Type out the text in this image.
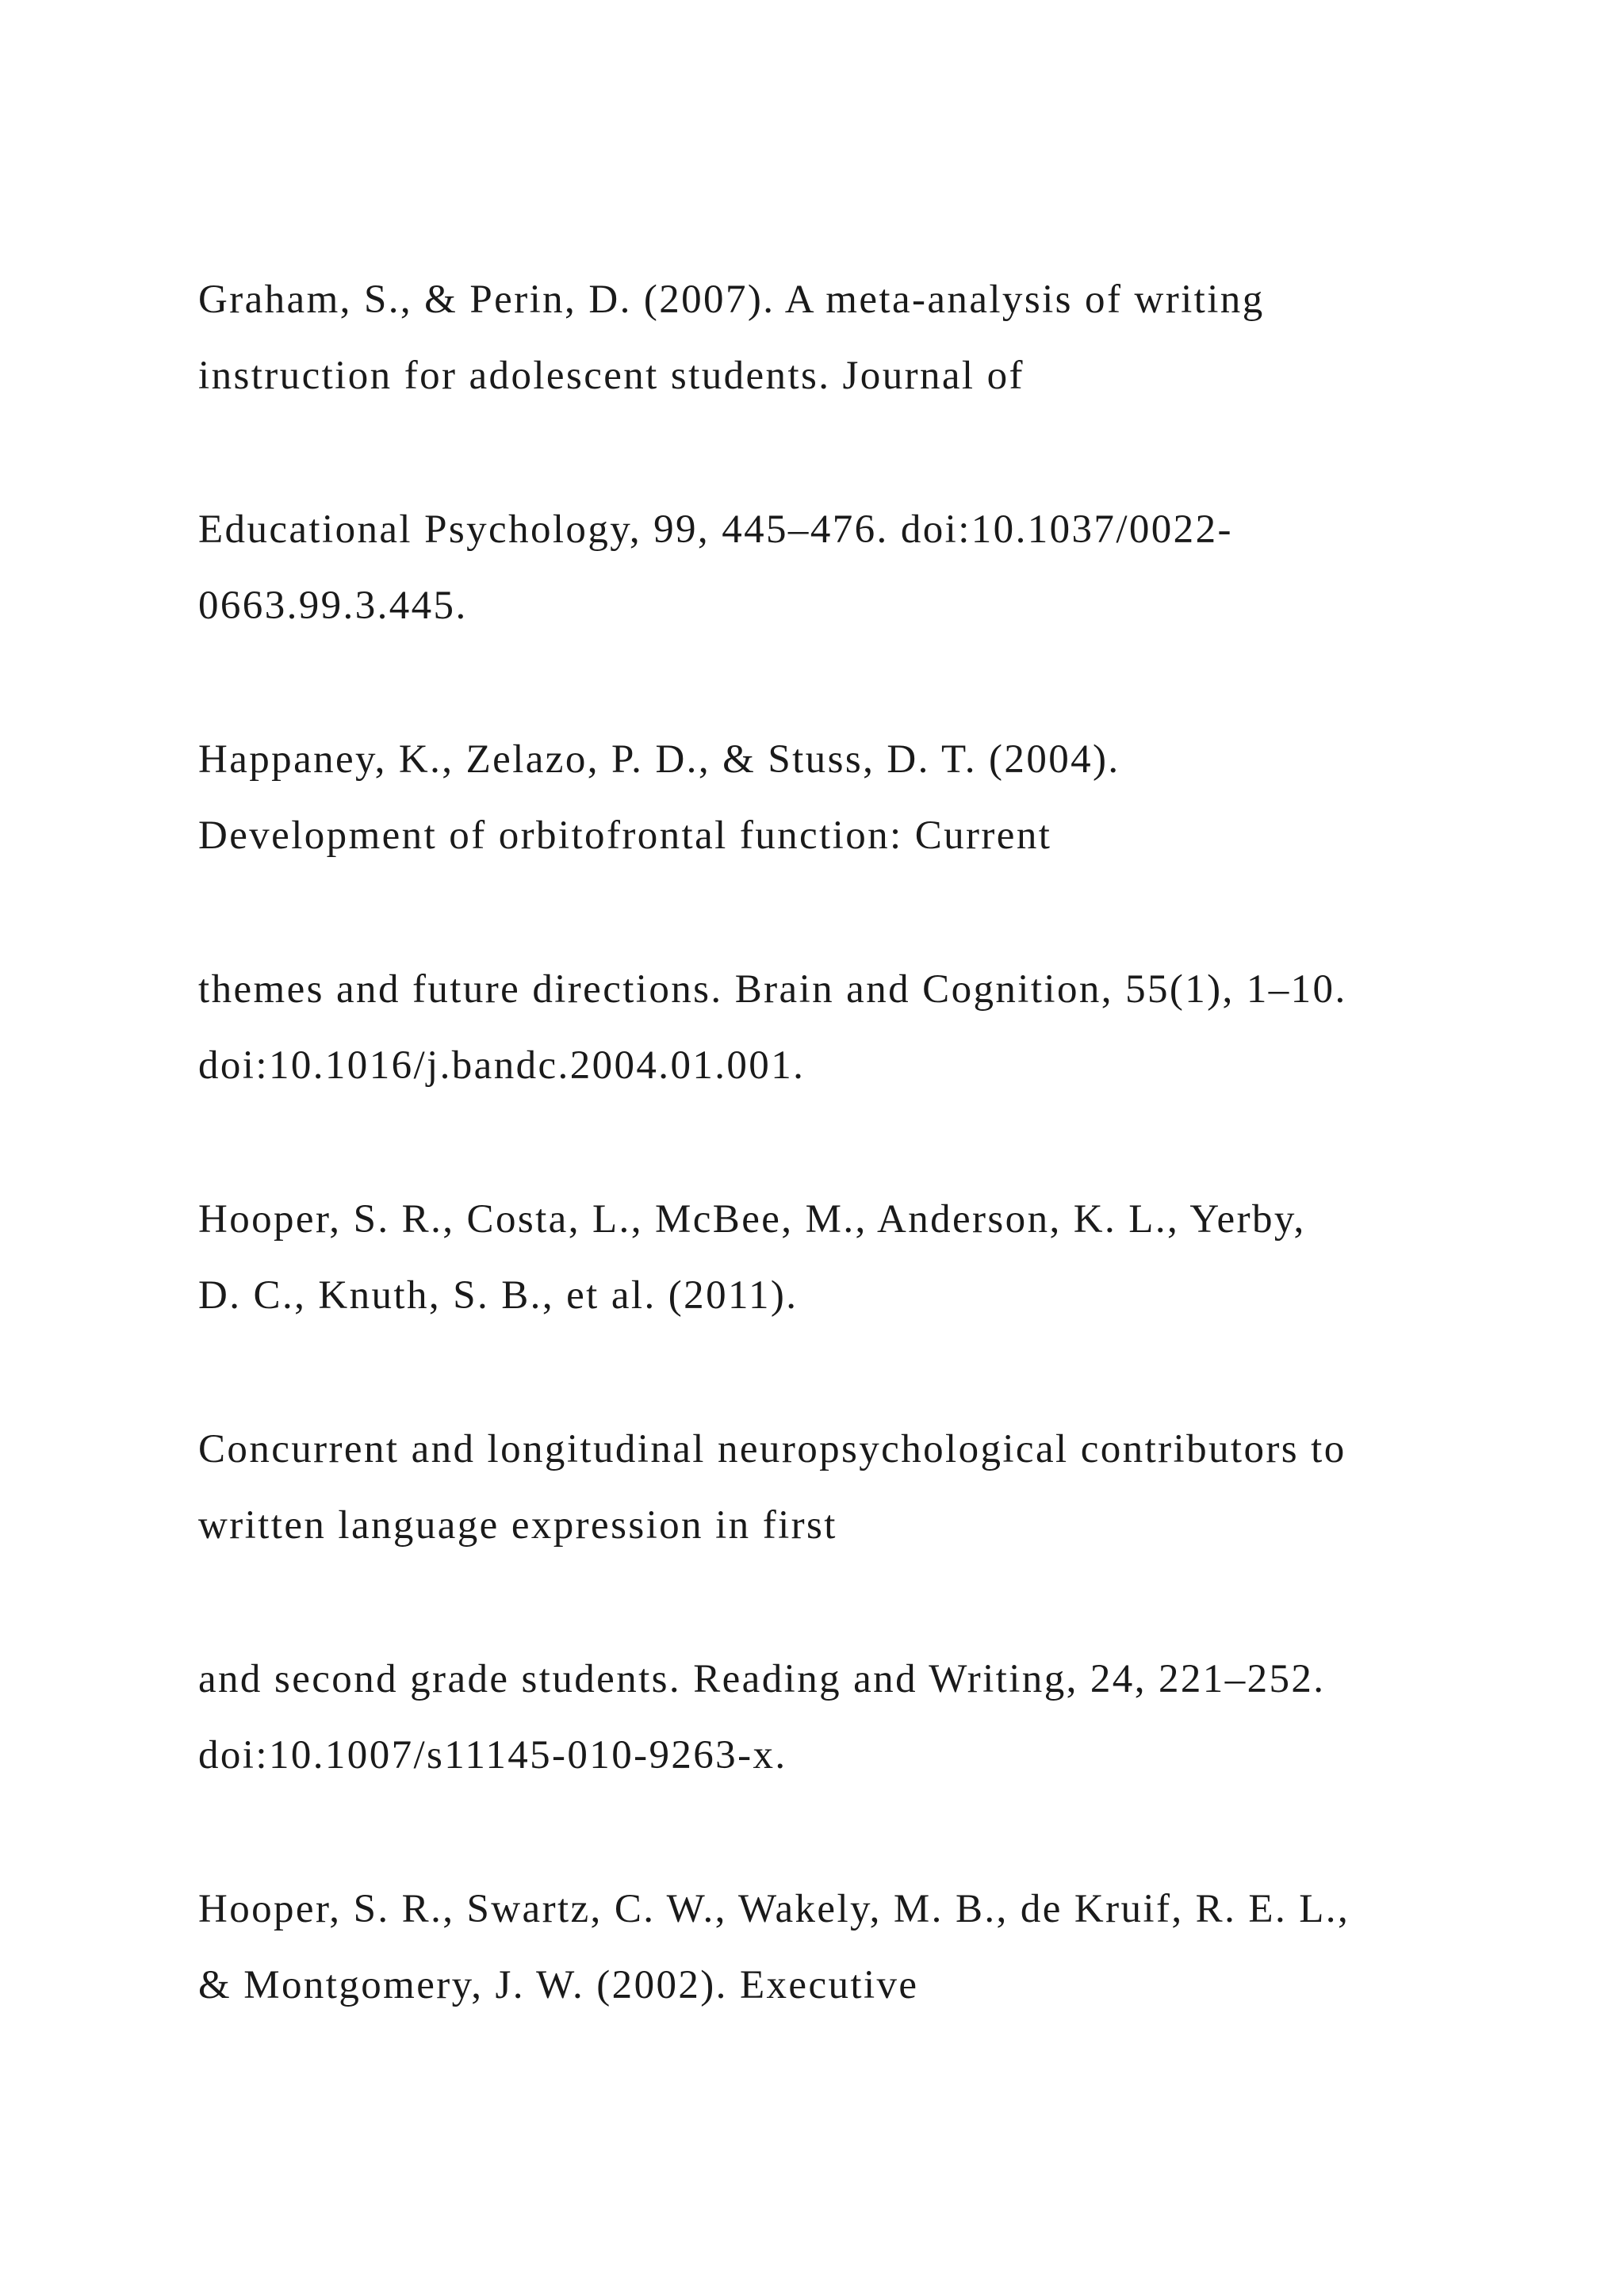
Graham, S., & Perin, D. (2007). A meta-analysis of writing

instruction for adolescent students. Journal of

Educational Psychology, 99, 445–476. doi:10.1037/0022-

0663.99.3.445.

Happaney, K., Zelazo, P. D., & Stuss, D. T. (2004).

Development of orbitofrontal function: Current

themes and future directions. Brain and Cognition, 55(1), 1–10.

doi:10.1016/j.bandc.2004.01.001.

Hooper, S. R., Costa, L., McBee, M., Anderson, K. L., Yerby,

D. C., Knuth, S. B., et al. (2011).

Concurrent and longitudinal neuropsychological contributors to

written language expression in first

and second grade students. Reading and Writing, 24, 221–252.

doi:10.1007/s11145-010-9263-x.

Hooper, S. R., Swartz, C. W., Wakely, M. B., de Kruif, R. E. L.,

& Montgomery, J. W. (2002). Executive
